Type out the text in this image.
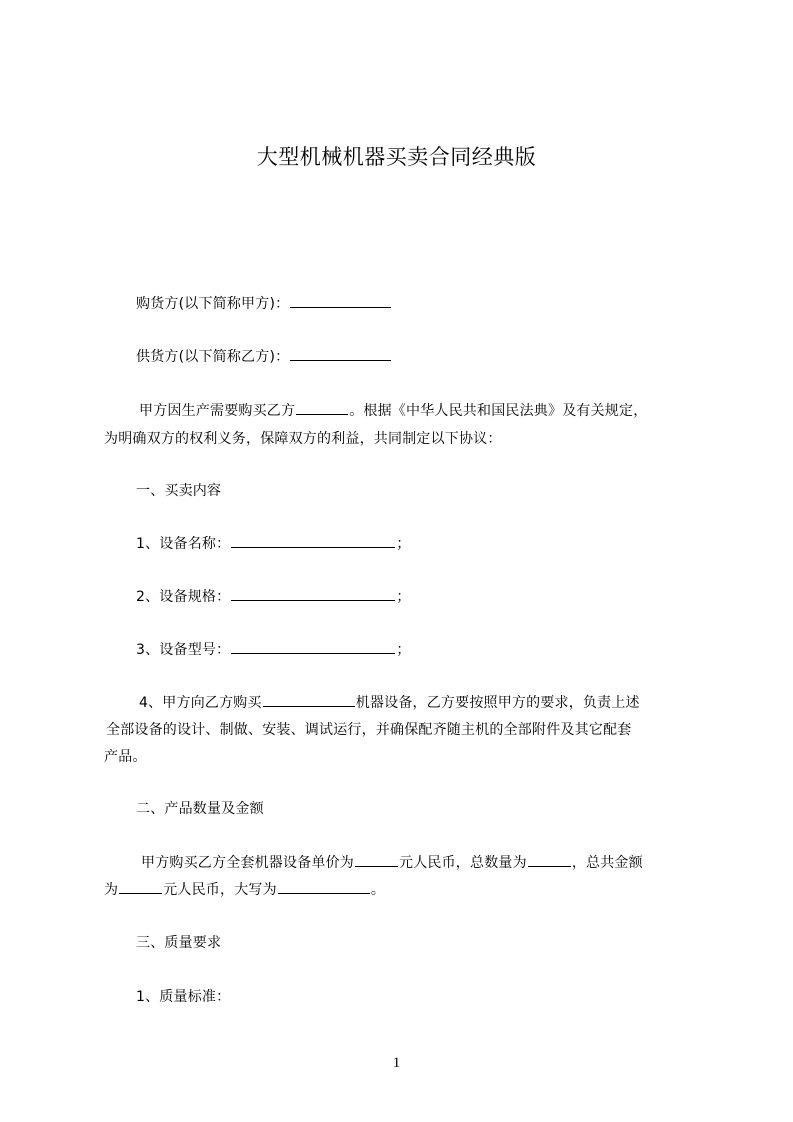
大型机械机器买卖合同经典版
购货方(以下简称甲方)：
供货方(以下简称乙方)：
甲方因生产需要购买乙方	。根据《中华人民共和国民法典》及有关规定，
为明确双方的权利义务，保障双方的利益，共同制定以下协议：
一、买卖内容
1、设备名称：	；
2、设备规格：	；
3、设备型号：	；
4、甲方向乙方购买	机器设备，乙方要按照甲方的要求，负责上述
全部设备的设计、制做、安装、调试运行，并确保配齐随主机的全部附件及其它配套
产品。
二、产品数量及金额
甲方购买乙方全套机器设备单价为	元人民币，总数量为	，总共金额
为	元人民币，大写为	。
三、质量要求
1、质量标准：
1
